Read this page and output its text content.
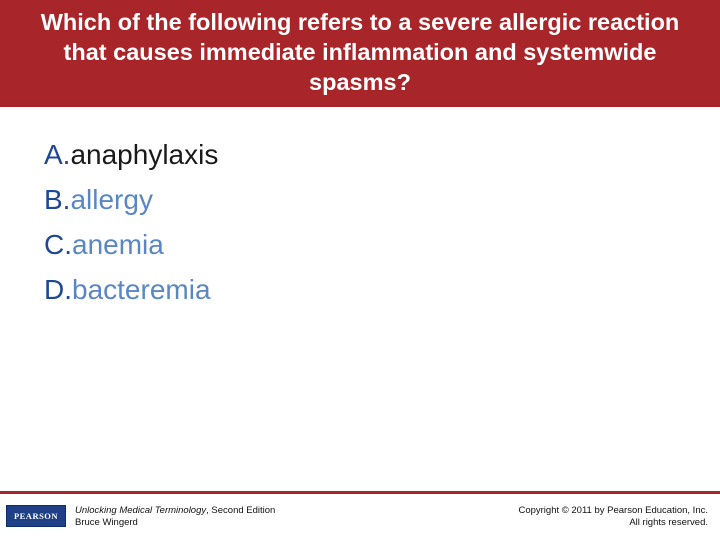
Which of the following refers to a severe allergic reaction that causes immediate inflammation and systemwide spasms?
A.anaphylaxis
B.allergy
C.anemia
D.bacteremia
PEARSON Unlocking Medical Terminology, Second Edition
Bruce Wingerd
Copyright © 2011 by Pearson Education, Inc.
All rights reserved.
